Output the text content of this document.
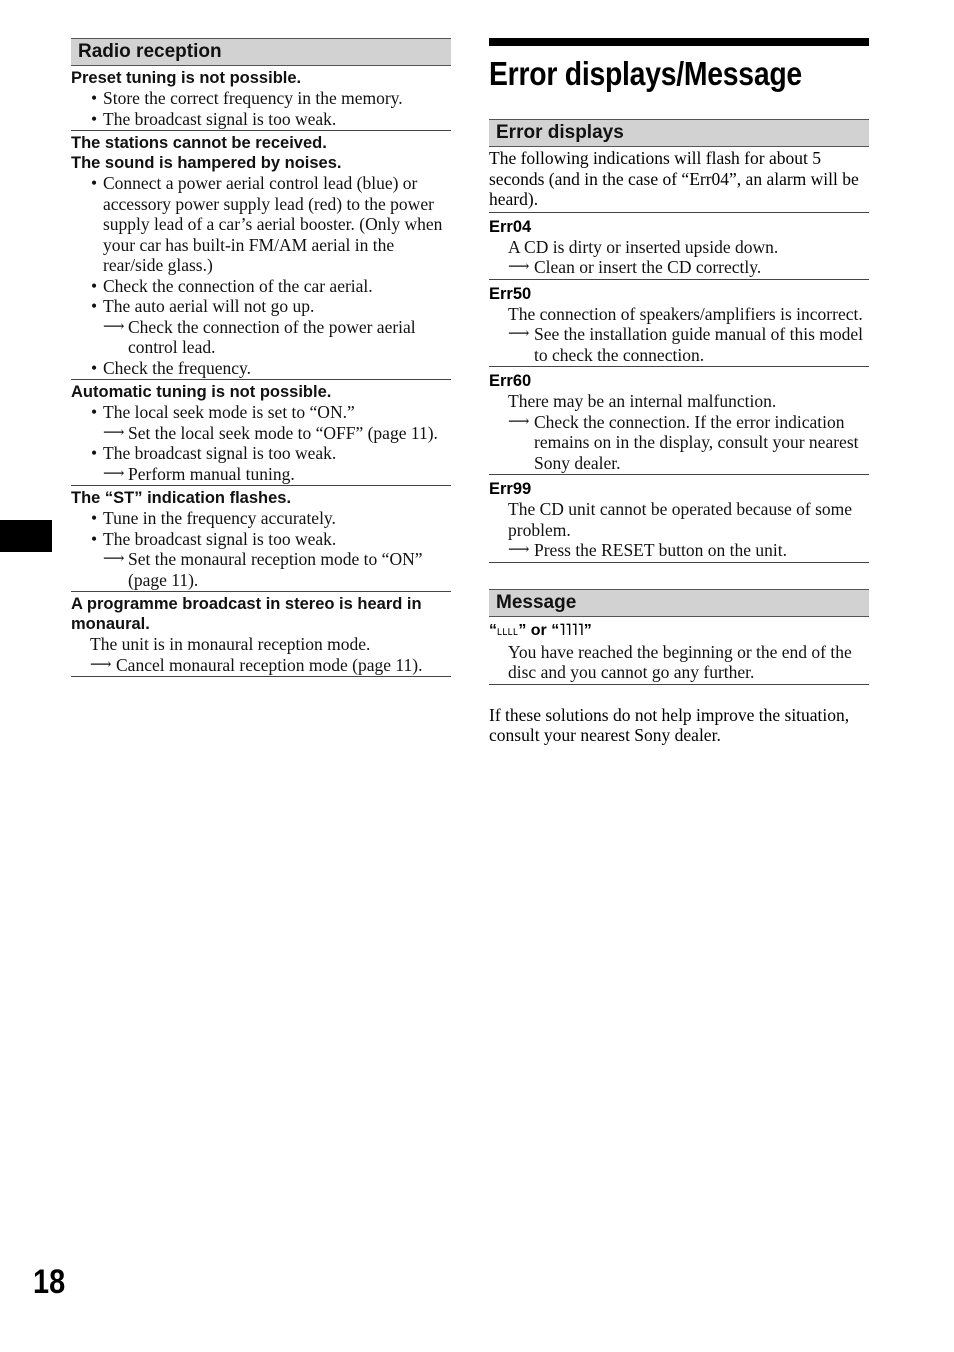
Radio reception
Preset tuning is not possible.
• Store the correct frequency in the memory.
• The broadcast signal is too weak.
The stations cannot be received.
The sound is hampered by noises.
• Connect a power aerial control lead (blue) or accessory power supply lead (red) to the power supply lead of a car’s aerial booster. (Only when your car has built-in FM/AM aerial in the rear/side glass.)
• Check the connection of the car aerial.
• The auto aerial will not go up.
⟶ Check the connection of the power aerial control lead.
• Check the frequency.
Automatic tuning is not possible.
• The local seek mode is set to “ON.”
⟶ Set the local seek mode to “OFF” (page 11).
• The broadcast signal is too weak.
⟶ Perform manual tuning.
The “ST” indication flashes.
• Tune in the frequency accurately.
• The broadcast signal is too weak.
⟶ Set the monaural reception mode to “ON” (page 11).
A programme broadcast in stereo is heard in monaural.
The unit is in monaural reception mode.
⟶ Cancel monaural reception mode (page 11).
Error displays/Message
Error displays
The following indications will flash for about 5 seconds (and in the case of “Err04”, an alarm will be heard).
Err04
A CD is dirty or inserted upside down.
⟶ Clean or insert the CD correctly.
Err50
The connection of speakers/amplifiers is incorrect.
⟶ See the installation guide manual of this model to check the connection.
Err60
There may be an internal malfunction.
⟶ Check the connection. If the error indication remains on in the display, consult your nearest Sony dealer.
Err99
The CD unit cannot be operated because of some problem.
⟶ Press the RESET button on the unit.
Message
“˪˪˪˪” or “˥˥˥˥”
You have reached the beginning or the end of the disc and you cannot go any further.
If these solutions do not help improve the situation, consult your nearest Sony dealer.
18
